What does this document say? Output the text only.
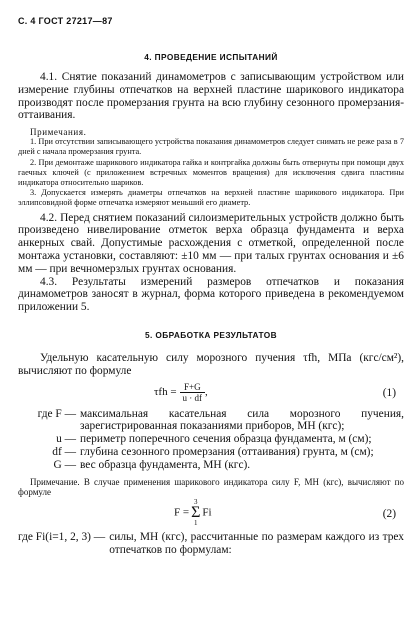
С. 4 ГОСТ 27217—87
4. ПРОВЕДЕНИЕ ИСПЫТАНИЙ

4.1. Снятие показаний динамометров с записывающим устройством или измерение глубины отпечатков на верхней пластине шарикового индикатора производят после промерзания грунта на всю глубину сезонного промерзания-оттаивания.

Примечания.

1. При отсутствии записывающего устройства показания динамометров следует снимать не реже раза в 7 дней с начала промерзания грунта.

2. При демонтаже шарикового индикатора гайка и контргайка должны быть отвернуты при помощи двух гаечных ключей (с приложением встречных моментов вращения) для исключения сдвига пластины индикатора относительно шариков.

3. Допускается измерять диаметры отпечатков на верхней пластине шарикового индикатора. При эллипсовидной форме отпечатка измеряют меньший его диаметр.

4.2. Перед снятием показаний силоизмерительных устройств должно быть произведено нивелирование отметок верха образца фундамента и верха анкерных свай. Допустимые расхождения с отметкой, определенной после монтажа установки, составляют: ±10 мм — при талых грунтах основания и ±6 мм — при вечномерзлых грунтах основания.

4.3. Результаты измерений размеров отпечатков и показания динамометров заносят в журнал, форма которого приведена в рекомендуемом приложении 5.

5. ОБРАБОТКА РЕЗУЛЬТАТОВ

Удельную касательную силу морозного пучения τfh, МПа (кгс/см²), вычисляют по формуле

$\tau fh = \frac{F+G}{u \cdot df}$ ,	(1)
где F — максимальная касательная сила морозного пучения, зарегистрированная показаниями приборов, МН (кгс);
u — периметр поперечного сечения образца фундамента, м (см);
df — глубина сезонного промерзания (оттаивания) грунта, м (см);
G — вес образца фундамента, МН (кгс).

Примечание. В случае применения шарикового индикатора силу F, МН (кгс), вычисляют по формуле

F =3
Σ
1Fi	(2)
где Fi(i=1, 2, 3) — силы, МН (кгс), рассчитанные по размерам каждого из трех отпечатков по формулам:
